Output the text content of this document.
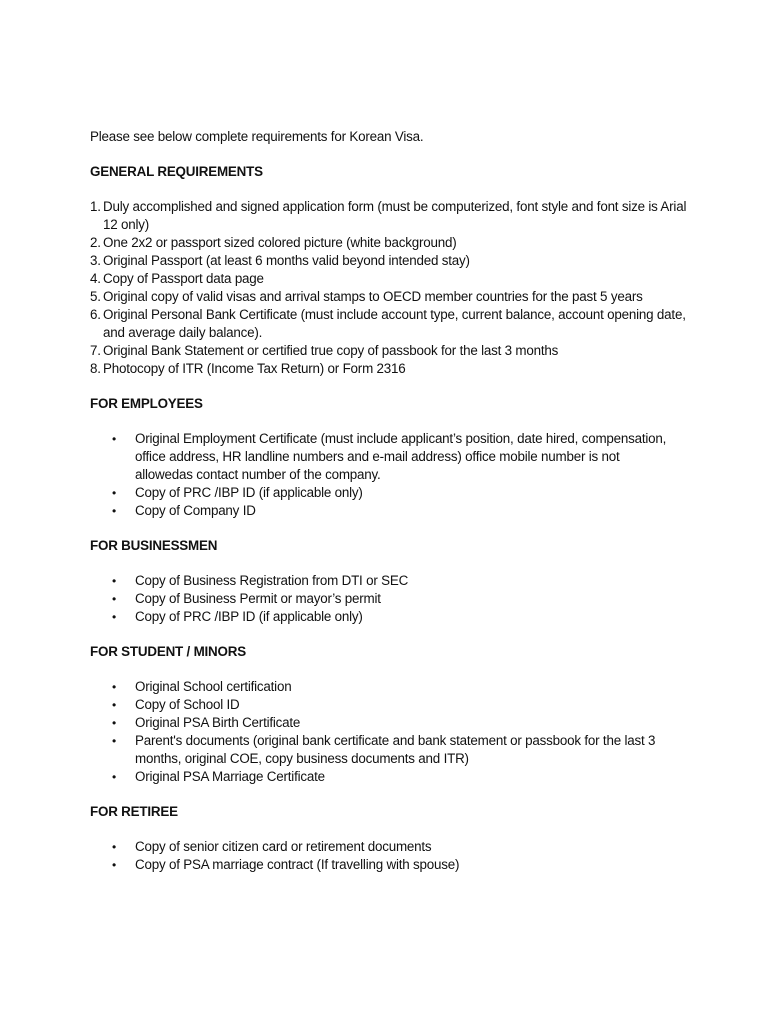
Please see below complete requirements for Korean Visa.

GENERAL REQUIREMENTS

1. Duly accomplished and signed application form (must be computerized, font style and font size is Arial 12 only)
2. One 2x2 or passport sized colored picture (white background)
3. Original Passport (at least 6 months valid beyond intended stay)
4. Copy of Passport data page
5. Original copy of valid visas and arrival stamps to OECD member countries for the past 5 years
6. Original Personal Bank Certificate (must include account type, current balance, account opening date, and average daily balance).
7. Original Bank Statement or certified true copy of passbook for the last 3 months
8. Photocopy of ITR (Income Tax Return) or Form 2316

FOR EMPLOYEES

• Original Employment Certificate (must include applicant’s position, date hired, compensation, office address, HR landline numbers and e-mail address) office mobile number is not allowedas contact number of the company.
• Copy of PRC /IBP ID (if applicable only)
• Copy of Company ID

FOR BUSINESSMEN

• Copy of Business Registration from DTI or SEC
• Copy of Business Permit or mayor’s permit
• Copy of PRC /IBP ID (if applicable only)

FOR STUDENT / MINORS

• Original School certification
• Copy of School ID
• Original PSA Birth Certificate
• Parent's documents (original bank certificate and bank statement or passbook for the last 3 months, original COE, copy business documents and ITR)
• Original PSA Marriage Certificate

FOR RETIREE

• Copy of senior citizen card or retirement documents
• Copy of PSA marriage contract (If travelling with spouse)
